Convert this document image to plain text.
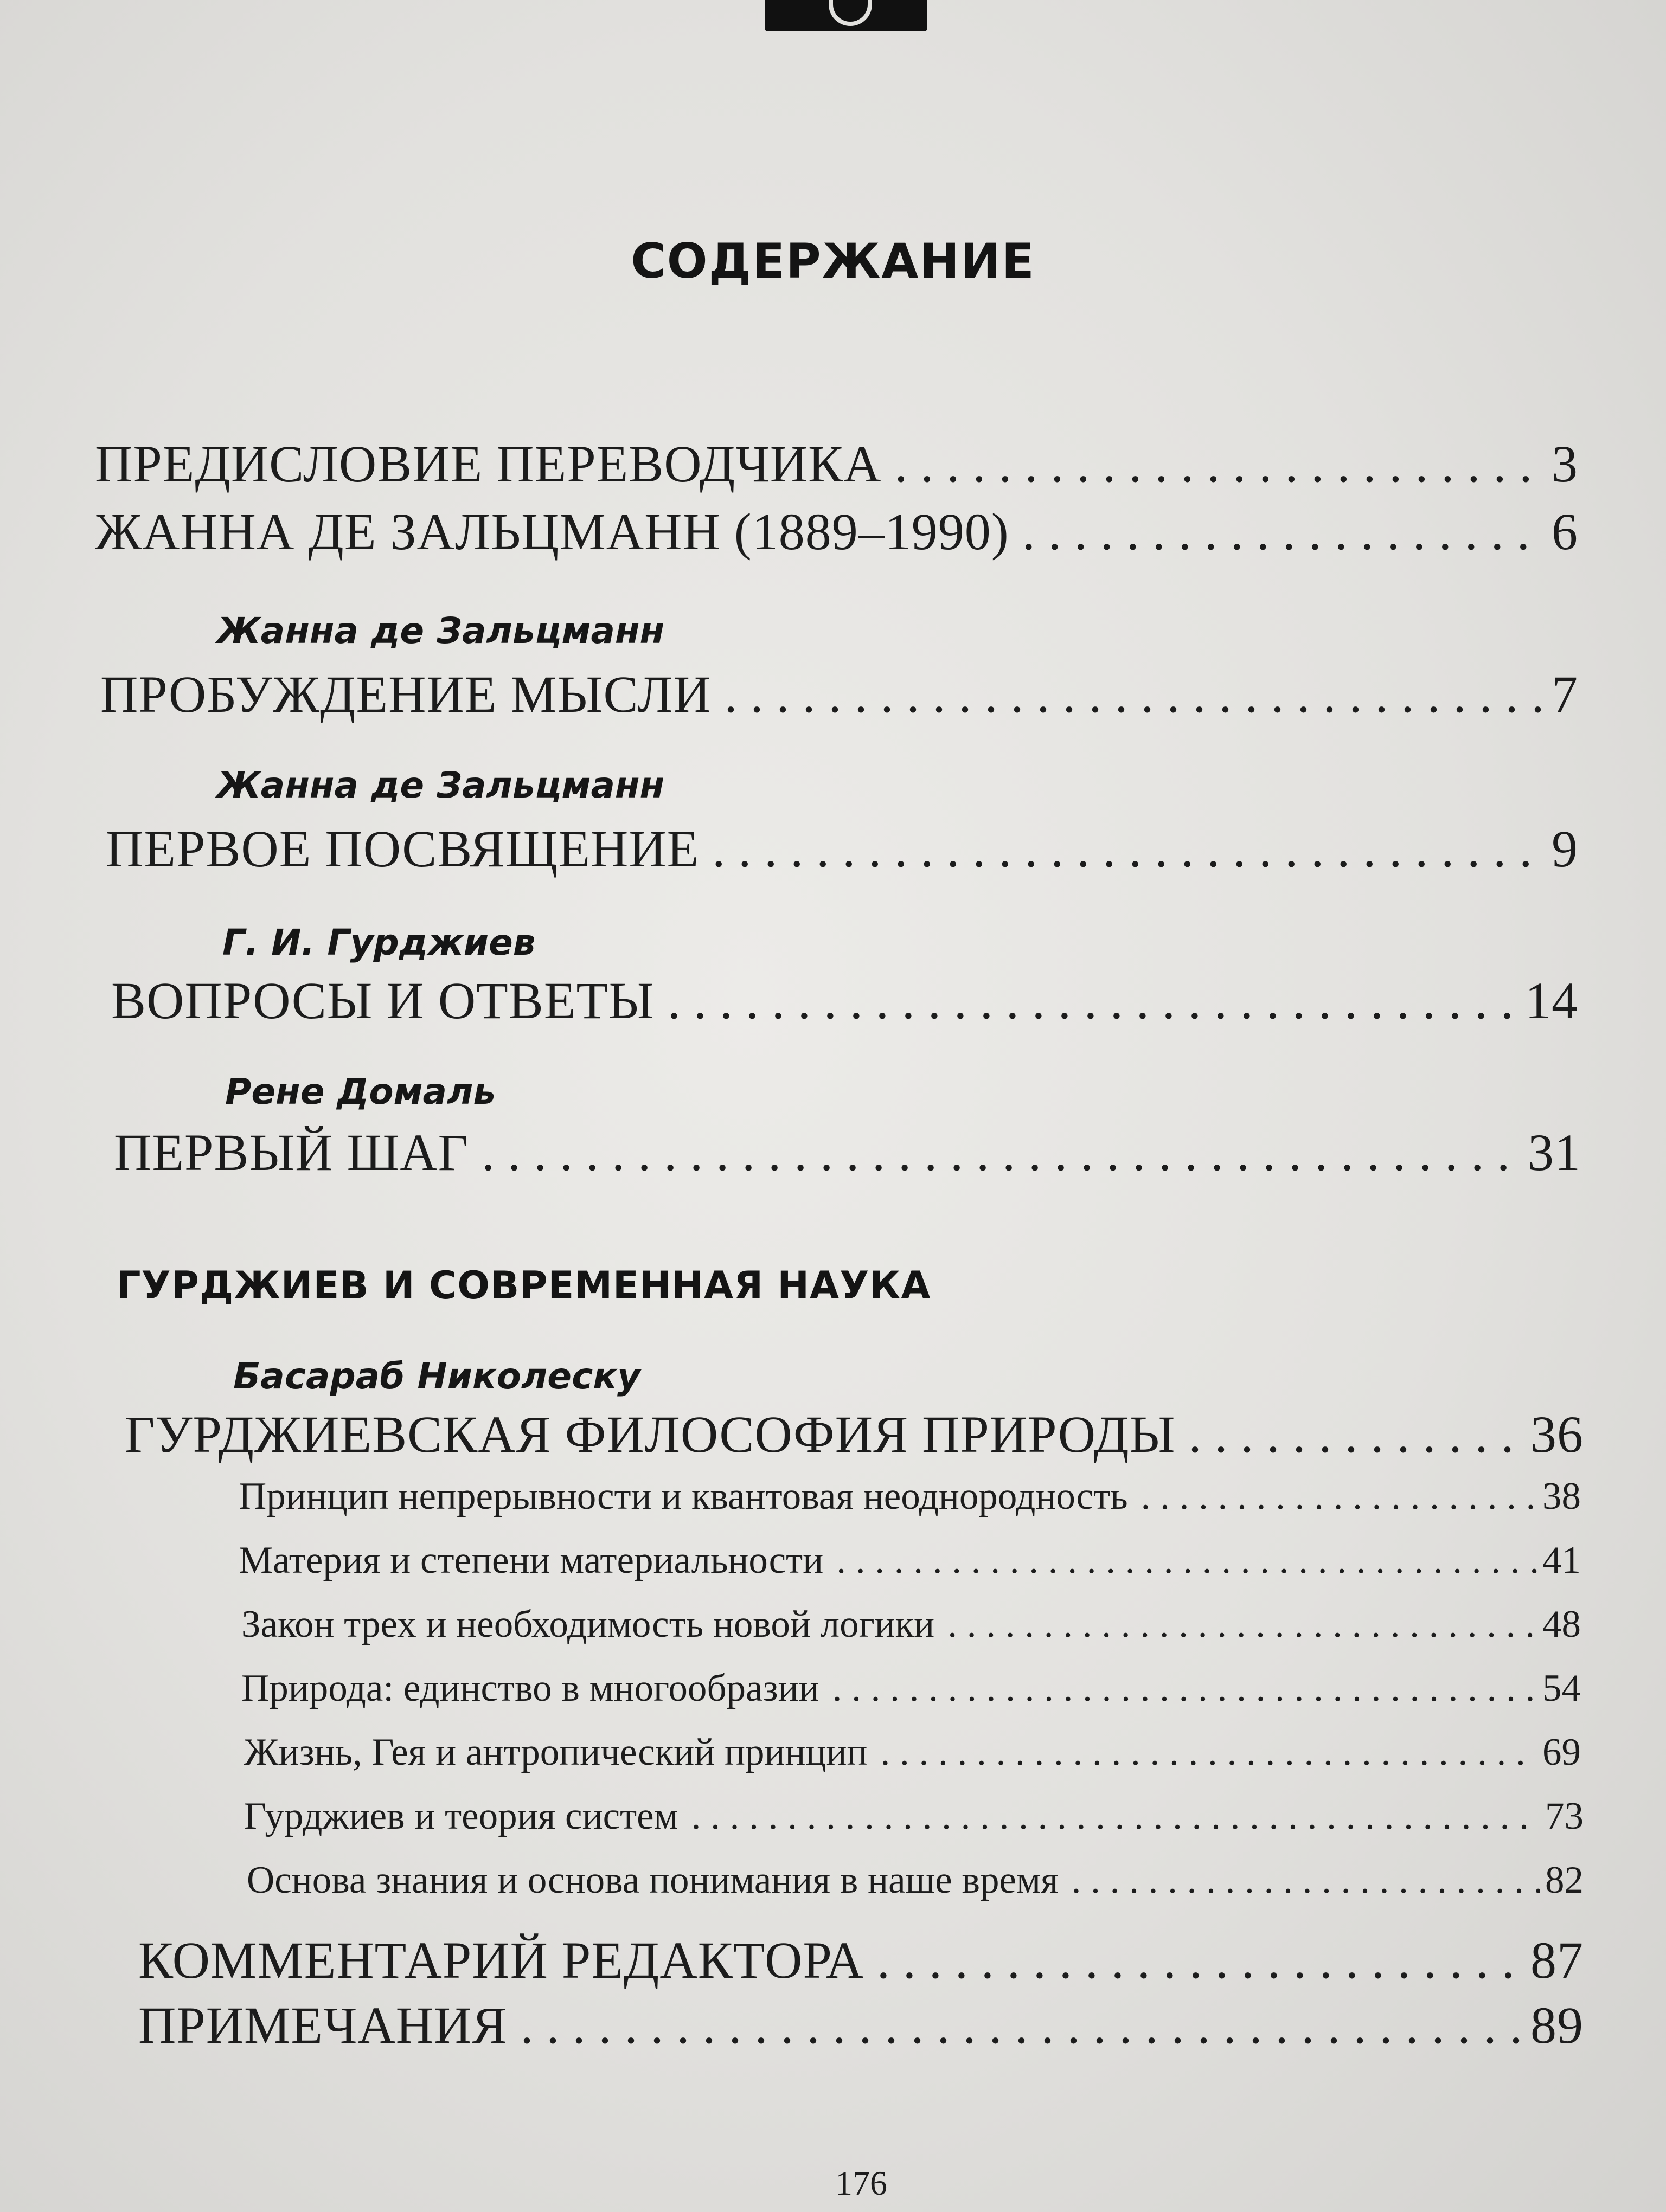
СОДЕРЖАНИЕ
ПРЕДИСЛОВИЕ ПЕРЕВОДЧИКА . . .	3
ЖАННА ДЕ ЗАЛЬЦМАНН (1889–1990) . . .	6
Жанна де Зальцманн
ПРОБУЖДЕНИЕ МЫСЛИ . . .	7
Жанна де Зальцманн
ПЕРВОЕ ПОСВЯЩЕНИЕ . . .	9
Г. И. Гурджиев
ВОПРОСЫ И ОТВЕТЫ . . .	14
Рене Домаль
ПЕРВЫЙ ШАГ . . .	31
ГУРДЖИЕВ И СОВРЕМЕННАЯ НАУКА
Басараб Николеску
ГУРДЖИЕВСКАЯ ФИЛОСОФИЯ ПРИРОДЫ . . .	36
Принцип непрерывности и квантовая неоднородность . . .	38
Материя и степени материальности . . .	41
Закон трех и необходимость новой логики . . .	48
Природа: единство в многообразии . . .	54
Жизнь, Гея и антропический принцип . . .	69
Гурджиев и теория систем . . .	73
Основа знания и основа понимания в наше время . . .	82
КОММЕНТАРИЙ РЕДАКТОРА . . .	87
ПРИМЕЧАНИЯ . . .	89
176
